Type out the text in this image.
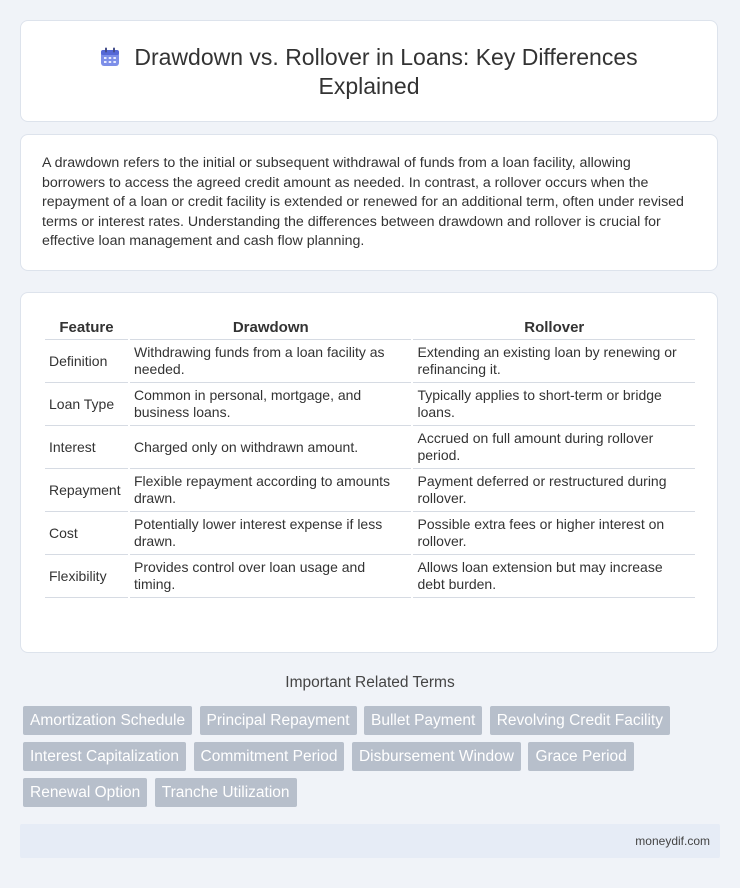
Drawdown vs. Rollover in Loans: Key Differences
Explained

A drawdown refers to the initial or subsequent withdrawal of funds from a loan facility, allowing borrowers to access the agreed credit amount as needed. In contrast, a rollover occurs when the repayment of a loan or credit facility is extended or renewed for an additional term, often under revised terms or interest rates. Understanding the differences between drawdown and rollover is crucial for effective loan management and cash flow planning.

Feature	Drawdown	Rollover
Definition	Withdrawing funds from a loan facility as needed.	Extending an existing loan by renewing or refinancing it.
Loan Type	Common in personal, mortgage, and business loans.	Typically applies to short-term or bridge loans.
Interest	Charged only on withdrawn amount.	Accrued on full amount during rollover period.
Repayment	Flexible repayment according to amounts drawn.	Payment deferred or restructured during rollover.
Cost	Potentially lower interest expense if less drawn.	Possible extra fees or higher interest on rollover.
Flexibility	Provides control over loan usage and timing.	Allows loan extension but may increase debt burden.
Important Related Terms
Amortization Schedule Principal Repayment Bullet Payment Revolving Credit Facility Interest Capitalization Commitment Period Disbursement Window Grace Period Renewal Option Tranche Utilization
moneydif.com
